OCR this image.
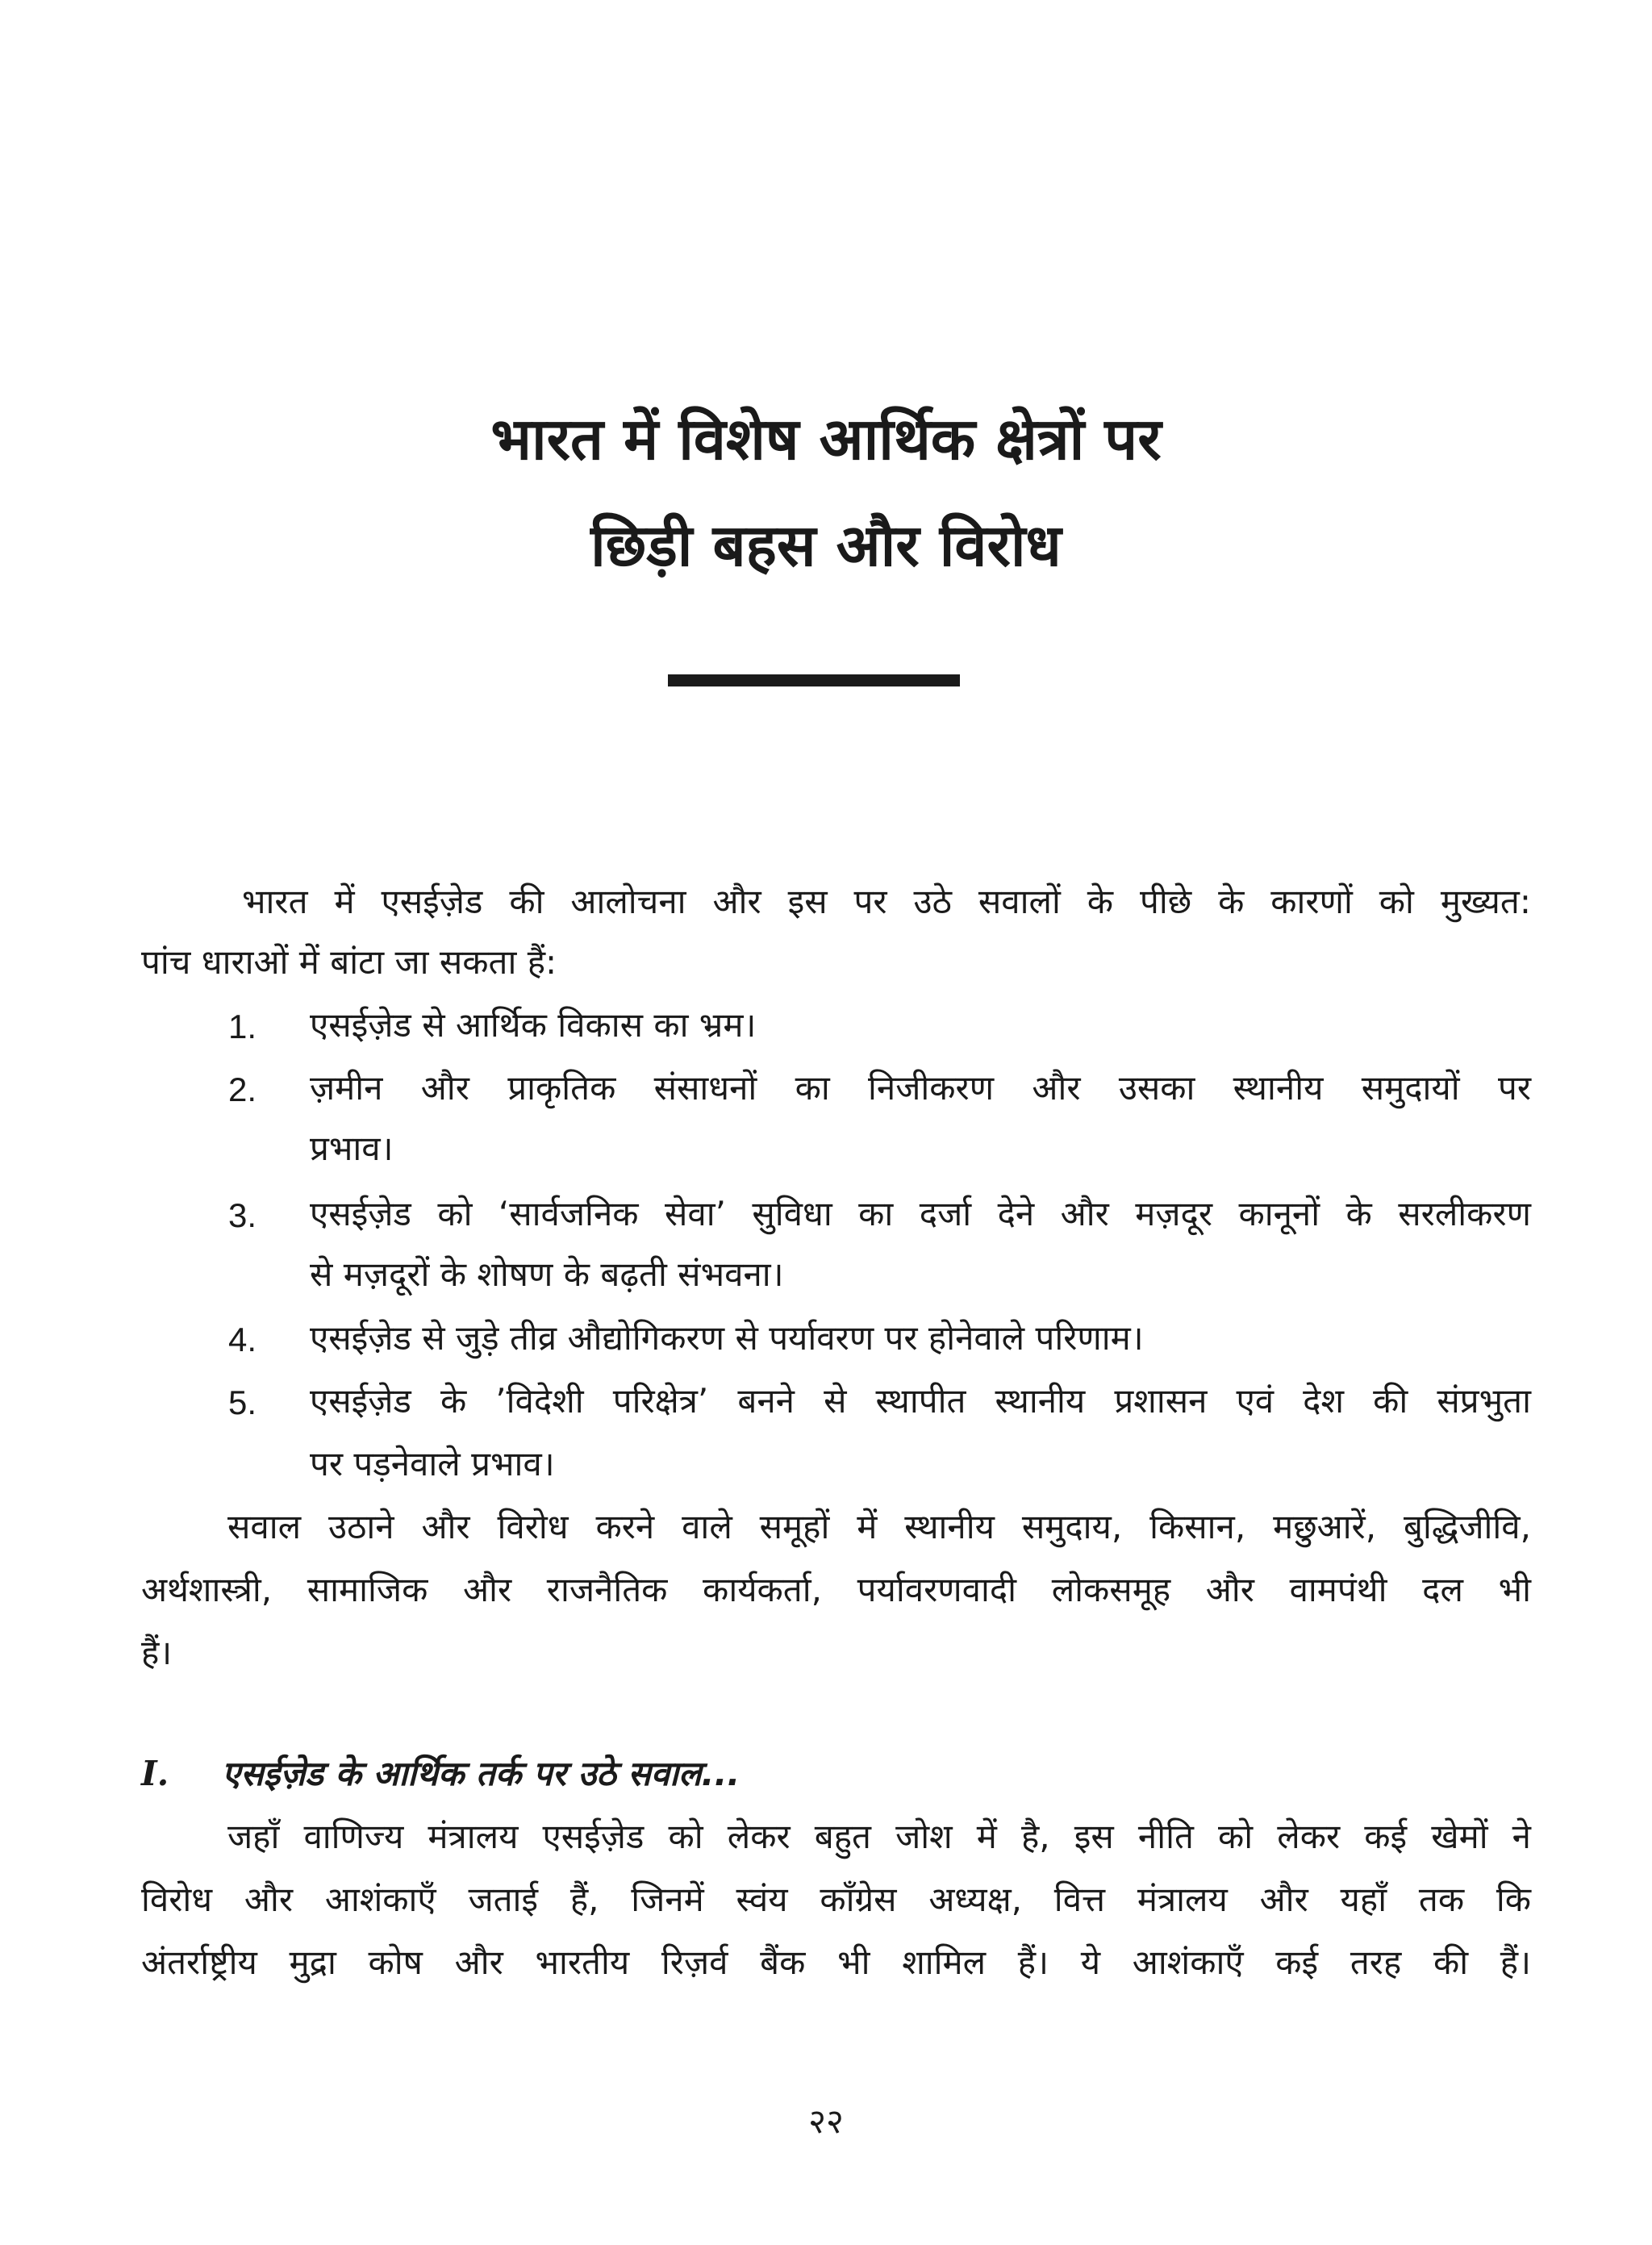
भारत में विशेष आर्थिक क्षेत्रों पर
छिड़ी बहस और विरोध

भारत में एसईज़ेड की आलोचना और इस पर उठे सवालों के पीछे के कारणों को मुख्यत:

पांच धाराओं में बांटा जा सकता हैं:

1. एसईज़ेड से आर्थिक विकास का भ्रम।

2. ज़मीन और प्राकृतिक संसाधनों का निजीकरण और उसका स्थानीय समुदायों पर

प्रभाव।

3. एसईज़ेड को ‘सार्वजनिक सेवा’ सुविधा का दर्जा देने और मज़दूर कानूनों के सरलीकरण

से मज़दूरों के शोषण के बढ़ती संभवना।

4. एसईज़ेड से जुड़े तीव्र औद्योगिकरण से पर्यावरण पर होनेवाले परिणाम।

5. एसईज़ेड के ’विदेशी परिक्षेत्र’ बनने से स्थापीत स्थानीय प्रशासन एवं देश की संप्रभुता

पर पड़नेवाले प्रभाव।

सवाल उठाने और विरोध करने वाले समूहों में स्थानीय समुदाय, किसान, मछुआरें, बुद्धिजीवि,

अर्थशास्त्री, सामाजिक और राजनैतिक कार्यकर्ता, पर्यावरणवादी लोकसमूह और वामपंथी दल भी

हैं।

I. एसईज़ेड के आर्थिक तर्क पर उठे सवाल...

जहाँ वाणिज्य मंत्रालय एसईज़ेड को लेकर बहुत जोश में है, इस नीति को लेकर कई खेमों ने

विरोध और आशंकाएँ जताई हैं, जिनमें स्वंय कॉंग्रेस अध्यक्ष, वित्त मंत्रालय और यहाँ तक कि

अंतर्राष्ट्रीय मुद्रा कोष और भारतीय रिज़र्व बैंक भी शामिल हैं। ये आशंकाएँ कई तरह की हैं।

२२
